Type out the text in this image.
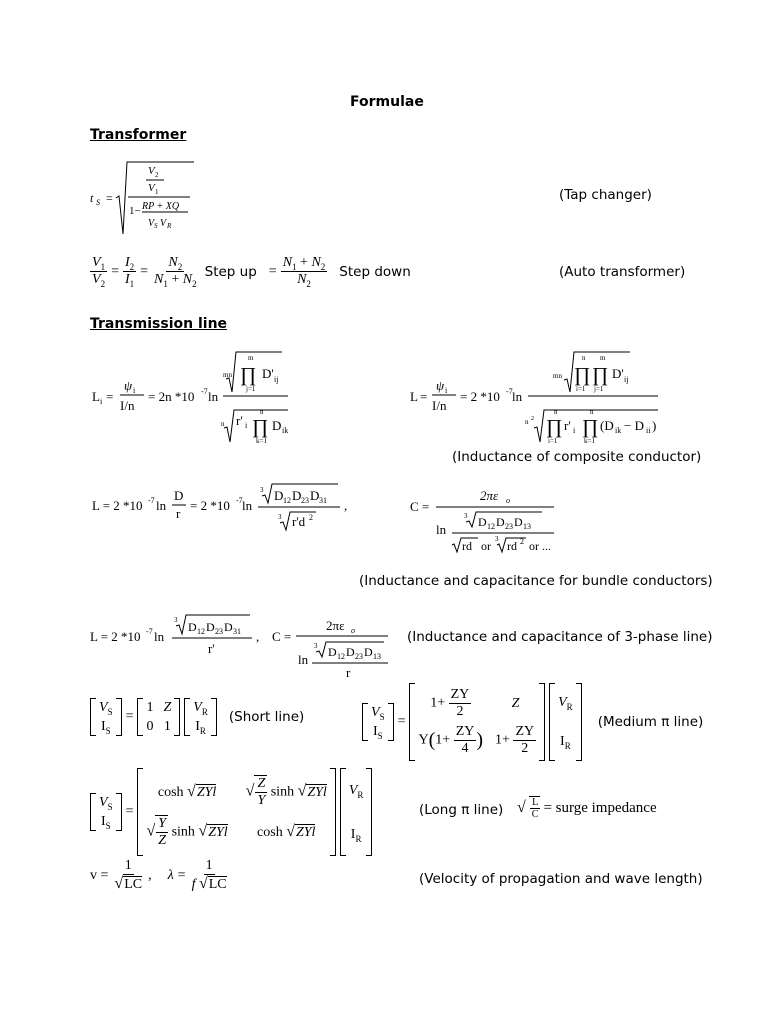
Formulae
Transformer
t S =
V 2
V 1
1− RP + XQ
V S V R
(Tap changer)
$\frac{V_1}{V_2} = \frac{I_2}{I_1} = \frac{N_2}{N_1 + N_2}$ Step up = $\frac{N_1 + N_2}{N_2}$ Step down	(Auto transformer)
Transmission line
L i =
ψ i
I/n
= 2n *10 -7 ln
mn
m
∏
j=1
D' ij
n r' i
n
∏
k=1
D ik
L =
ψ i
I/n
= 2 *10 -7 ln
mn
n
∏
i=1
m
∏
j=1
D' ij
n 2
n
∏
i=1
r' i
n
∏
k=1
(D ik − D ii )
(Inductance of composite conductor)
L = 2 *10 -7 ln
D
r
= 2 *10 -7 ln
3 D 12 D 23 D 31
3 r'd 2
,	C =
2πε o
ln
3 D 12 D 23 D 13
rd or 3 rd 2 or ...
(Inductance and capacitance for bundle conductors)
L = 2 *10 -7 ln
3 D 12 D 23 D 31
r'
, C =
2πε o
ln
3 D 12 D 23 D 13
r
(Inductance and capacitance of 3-phase line)
$V_S$
$I_S$
=
1 Z
0 1
$V_R$
$I_R$
(Short line)	$V_S$
$I_S$
=
$1+ \frac{ZY}{2}$	Z
$Y(1+ \frac{ZY}{4}$ ) $1+ \frac{ZY}{2}$
$V_R$
$I_R$
(Medium π line)
$V_S$
$I_S$
=
cosh √ZYl √ $\frac{Z}{Y}$ sinh √ZYl
√ $\frac{Y}{Z}$ sinh √ZYl cosh √ZYl
$V_R$
$I_R$
(Long π line) √ $\frac{L}{C}$ = surge impedance
$v = \frac{1}{√LC}$ , $\lambda = \frac{1}{f √LC}$	(Velocity of propagation and wave length)
